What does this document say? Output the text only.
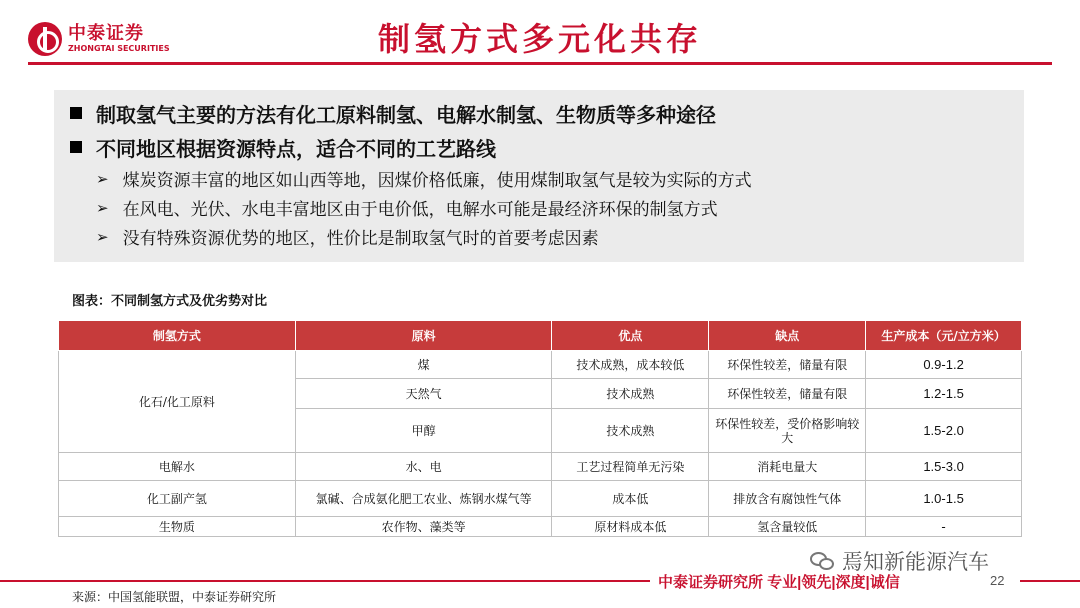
中泰证券
ZHONGTAI SECURITIES	制氢方式多元化共存
制取氢气主要的方法有化工原料制氢、电解水制氢、生物质等多种途径
不同地区根据资源特点，适合不同的工艺路线
➢ 煤炭资源丰富的地区如山西等地，因煤价格低廉，使用煤制取氢气是较为实际的方式
➢ 在风电、光伏、水电丰富地区由于电价低，电解水可能是最经济环保的制氢方式
➢ 没有特殊资源优势的地区，性价比是制取氢气时的首要考虑因素
图表：不同制氢方式及优劣势对比
制氢方式	原料	优点	缺点	生产成本（元/立方米）
化石/化工原料	煤	技术成熟，成本较低	环保性较差，储量有限	0.9-1.2
	天然气	技术成熟	环保性较差，储量有限	1.2-1.5
	甲醇	技术成熟	环保性较差，受价格影响较大	1.5-2.0
电解水	水、电	工艺过程简单无污染	消耗电量大	1.5-3.0
化工副产氢	氯碱、合成氨化肥工农业、炼钢水煤气等	成本低	排放含有腐蚀性气体	1.0-1.5
生物质	农作物、藻类等	原材料成本低	氢含量较低	-
焉知新能源汽车
中泰证券研究所 专业|领先|深度|诚信	22
来源：中国氢能联盟，中泰证券研究所
